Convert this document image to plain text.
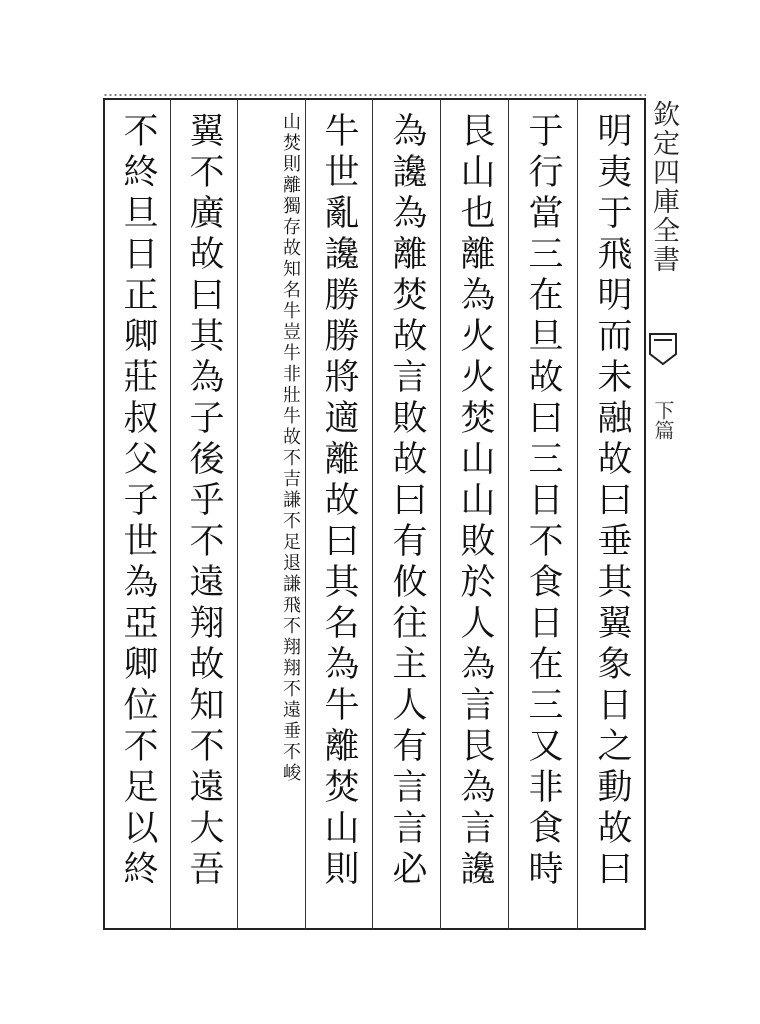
欽定四庫全書
下篇
明夷于飛明而未融故曰垂其翼象日之動故曰
于行當三在旦故曰三日不食日在三又非食時
艮山也離為火火焚山山敗於人為言艮為言讒
為讒為離焚故言敗故曰有攸往主人有言言必
牛世亂讒勝勝將適離故曰其名為牛離焚山則
山焚則離獨存故知名牛豈牛非壯牛故不吉謙不足退謙飛不翔翔不遠垂不峻
翼不廣故曰其為子後乎不遠翔故知不遠大吾
不終旦日正卿莊叔父子世為亞卿位不足以終
